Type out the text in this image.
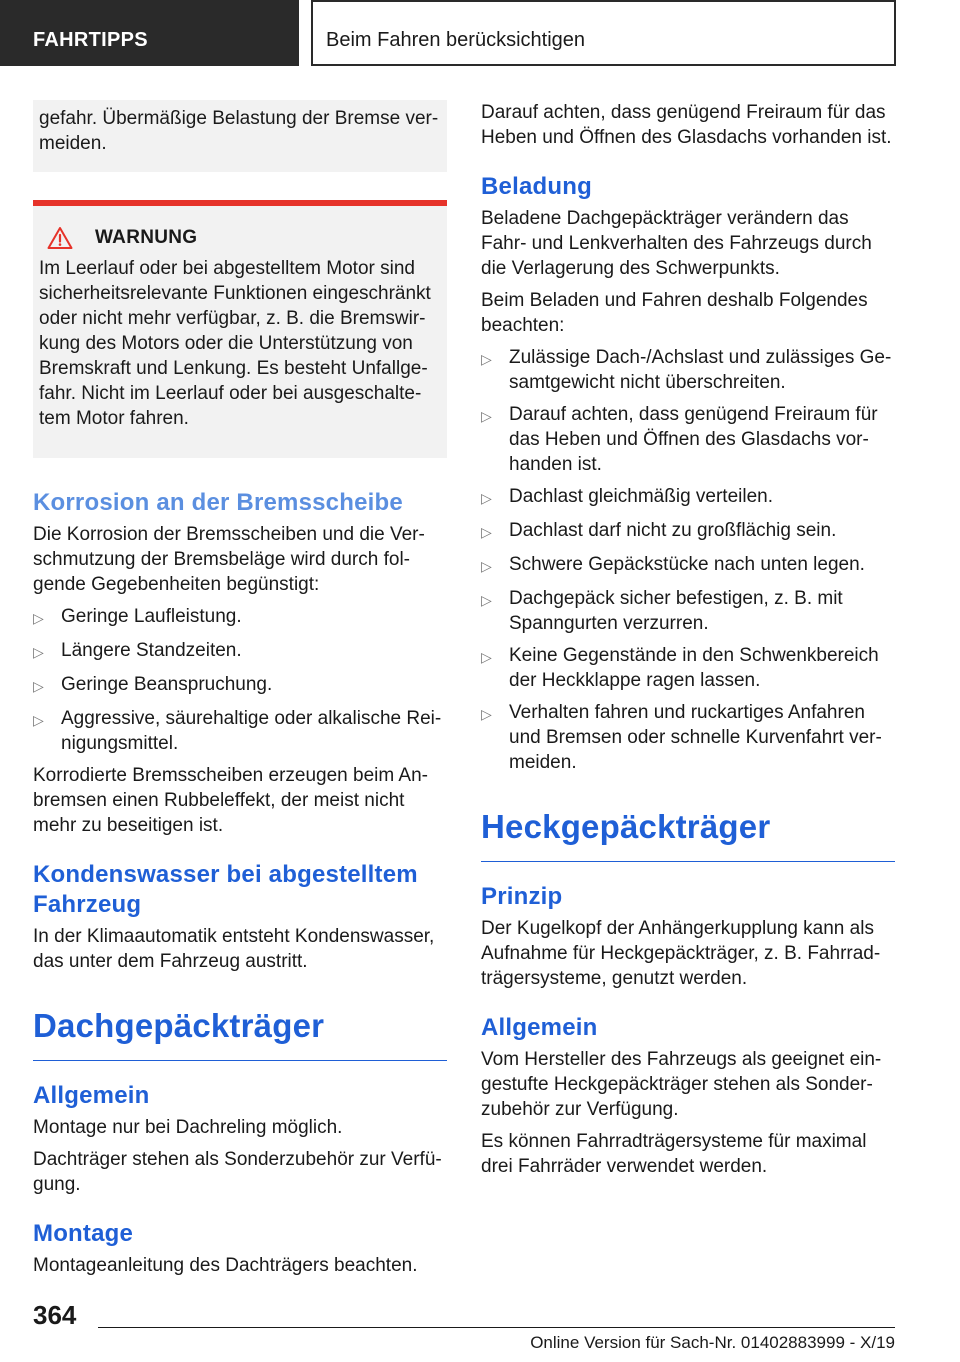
FAHRTIPPS	Beim Fahren berücksichtigen

gefahr. Übermäßige Belastung der Bremse ver‐meiden.

WARNUNG

Im Leerlauf oder bei abgestelltem Motor sind sicherheitsrelevante Funktionen eingeschränkt oder nicht mehr verfügbar, z. B. die Bremswir‐kung des Motors oder die Unterstützung von Bremskraft und Lenkung. Es besteht Unfallge‐fahr. Nicht im Leerlauf oder bei ausgeschalte‐tem Motor fahren.

Korrosion an der Bremsscheibe

Die Korrosion der Bremsscheiben und die Ver‐schmutzung der Bremsbeläge wird durch fol‐gende Gegebenheiten begünstigt:

▷ Geringe Laufleistung.
▷ Längere Standzeiten.
▷ Geringe Beanspruchung.
▷ Aggressive, säurehaltige oder alkalische Rei‐nigungsmittel.

Korrodierte Bremsscheiben erzeugen beim An‐bremsen einen Rubbeleffekt, der meist nicht mehr zu beseitigen ist.

Kondenswasser bei abgestelltem Fahrzeug

In der Klimaautomatik entsteht Kondenswasser, das unter dem Fahrzeug austritt.

Dachgepäckträger
Allgemein

Montage nur bei Dachreling möglich.

Dachträger stehen als Sonderzubehör zur Verfü‐gung.

Montage

Montageanleitung des Dachträgers beachten.

Darauf achten, dass genügend Freiraum für das Heben und Öffnen des Glasdachs vorhanden ist.

Beladung

Beladene Dachgepäckträger verändern das Fahr- und Lenkverhalten des Fahrzeugs durch die Verlagerung des Schwerpunkts.

Beim Beladen und Fahren deshalb Folgendes beachten:

▷ Zulässige Dach-/Achslast und zulässiges Ge‐samtgewicht nicht überschreiten.
▷ Darauf achten, dass genügend Freiraum für das Heben und Öffnen des Glasdachs vor‐handen ist.
▷ Dachlast gleichmäßig verteilen.
▷ Dachlast darf nicht zu großflächig sein.
▷ Schwere Gepäckstücke nach unten legen.
▷ Dachgepäck sicher befestigen, z. B. mit Spanngurten verzurren.
▷ Keine Gegenstände in den Schwenkbereich der Heckklappe ragen lassen.
▷ Verhalten fahren und ruckartiges Anfahren und Bremsen oder schnelle Kurvenfahrt ver‐meiden.
Heckgepäckträger
Prinzip

Der Kugelkopf der Anhängerkupplung kann als Aufnahme für Heckgepäckträger, z. B. Fahrrad‐trägersysteme, genutzt werden.

Allgemein

Vom Hersteller des Fahrzeugs als geeignet ein‐gestufte Heckgepäckträger stehen als Sonder‐zubehör zur Verfügung.

Es können Fahrradträgersysteme für maximal drei Fahrräder verwendet werden.

364
Online Version für Sach-Nr. 01402883999 - X/19
